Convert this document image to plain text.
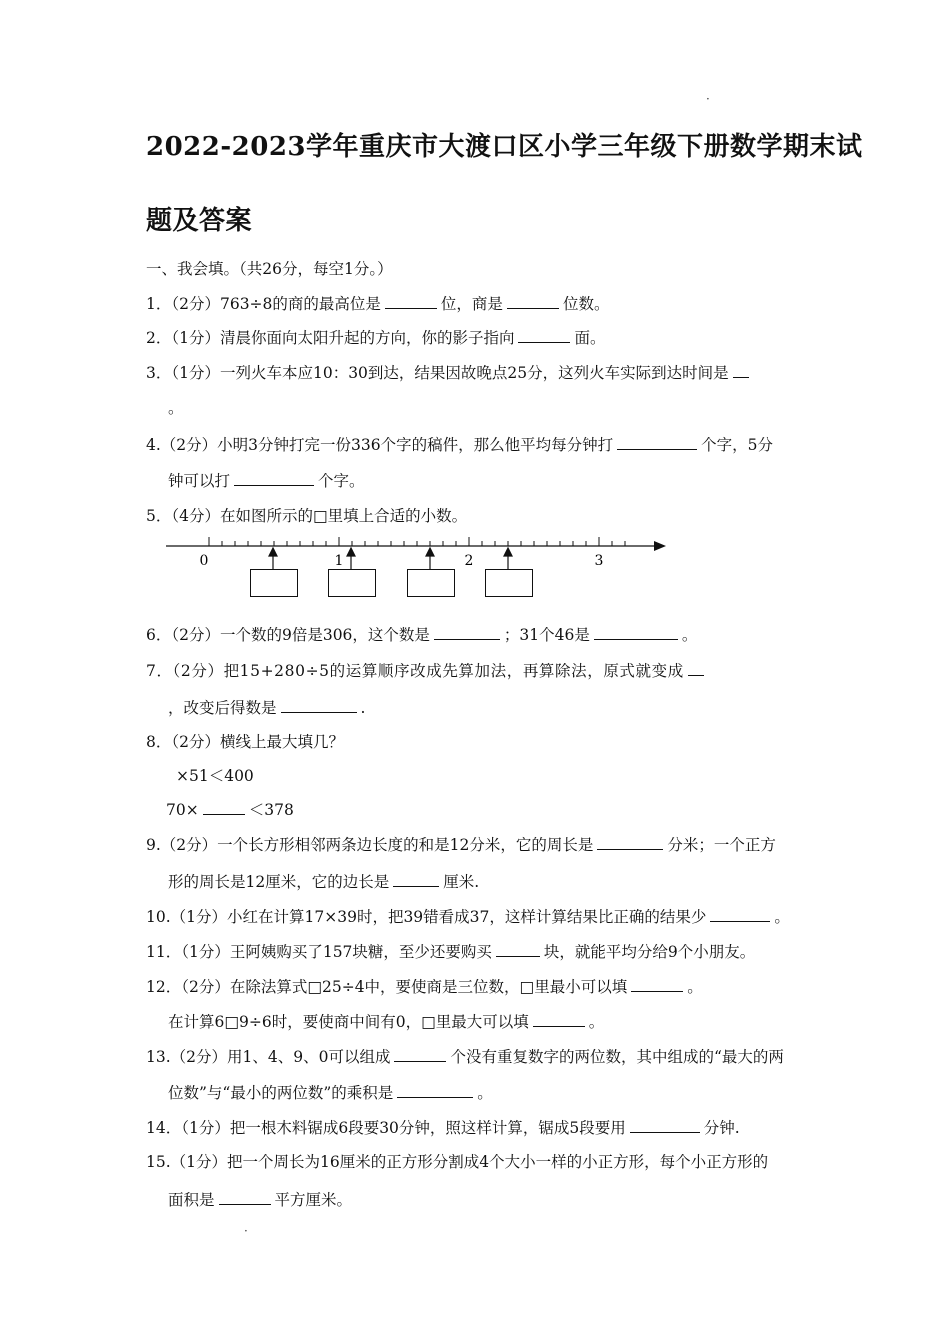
·
2022-2023学年重庆市大渡口区小学三年级下册数学期末试
题及答案
一、我会填。（共26分，每空1分。）
1．（2分）763÷8的商的最高位是	位，商是	位数。
2．（1分）清晨你面向太阳升起的方向，你的影子指向	面。
3．（1分）一列火车本应10：30到达，结果因故晚点25分，这列火车实际到达时间是
。
4.（2分）小明3分钟打完一份336个字的稿件，那么他平均每分钟打	个字，5分
钟可以打	个字。
5．（4分）在如图所示的□里填上合适的小数。
0	1	2	3
6．（2分）一个数的9倍是306，这个数是	；31个46是	。
7．（2分）把15+280÷5的运算顺序改成先算加法，再算除法，原式就变成
，改变后得数是	.
8．（2分）横线上最大填几？
×51＜400
70×	＜378
9.（2分）一个长方形相邻两条边长度的和是12分米，它的周长是	分米；一个正方
形的周长是12厘米，它的边长是	厘米.
10.（1分）小红在计算17×39时，把39错看成37，这样计算结果比正确的结果少	。
11．（1分）王阿姨购买了157块糖，至少还要购买	块，就能平均分给9个小朋友。
12．（2分）在除法算式□25÷4中，要使商是三位数，□里最小可以填	。
在计算6□9÷6时，要使商中间有0，□里最大可以填	。
13.（2分）用1、4、9、0可以组成	个没有重复数字的两位数，其中组成的“最大的两
位数”与“最小的两位数”的乘积是	。
14．（1分）把一根木料锯成6段要30分钟，照这样计算，锯成5段要用	分钟.
15.（1分）把一个周长为16厘米的正方形分割成4个大小一样的小正方形，每个小正方形的
面积是	平方厘米。
·
